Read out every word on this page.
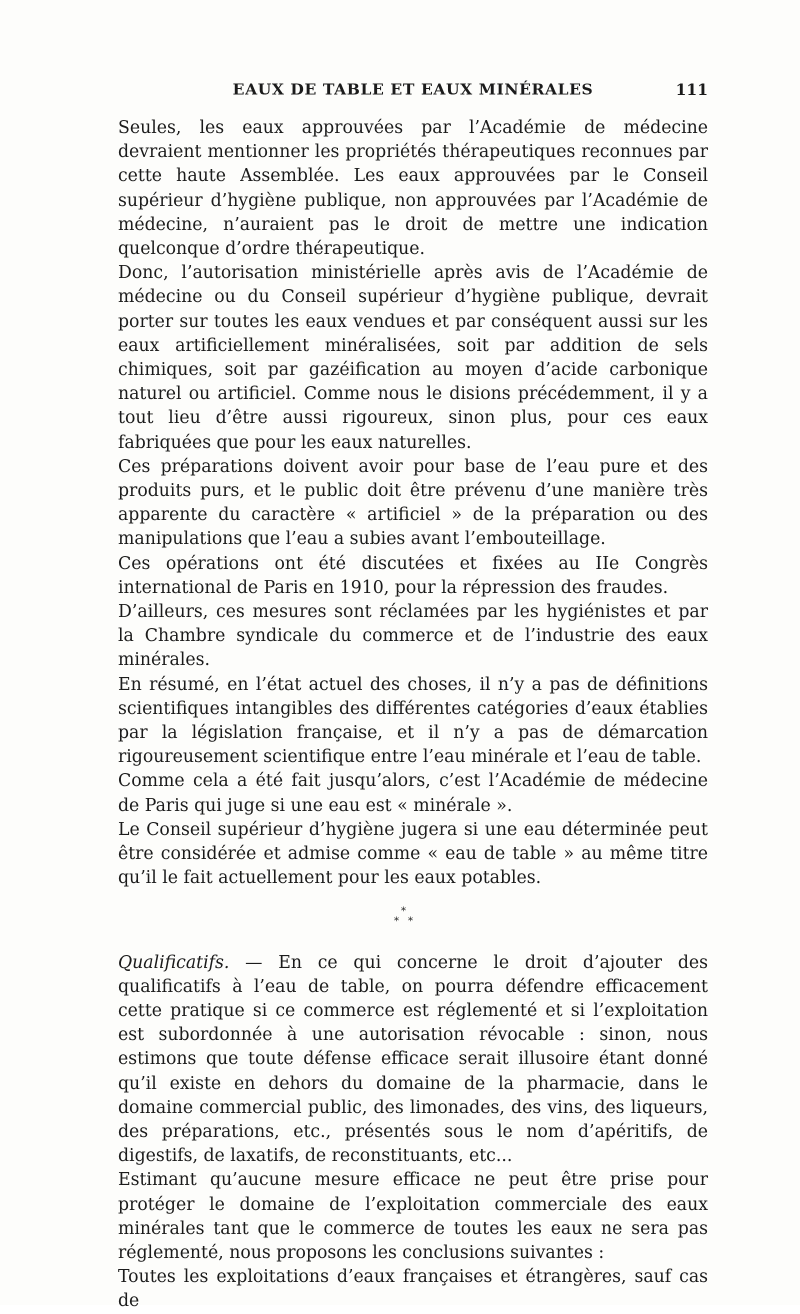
EAUX DE TABLE ET EAUX MINÉRALES	111

Seules, les eaux approuvées par l’Académie de médecine devraient mentionner les propriétés thérapeutiques reconnues par cette haute Assemblée. Les eaux approuvées par le Conseil supérieur d’hygiène publique, non approuvées par l’Académie de médecine, n’auraient pas le droit de mettre une indication quelconque d’ordre thérapeutique.

Donc, l’autorisation ministérielle après avis de l’Académie de médecine ou du Conseil supérieur d’hygiène publique, devrait porter sur toutes les eaux vendues et par conséquent aussi sur les eaux artificiellement minéralisées, soit par addition de sels chimiques, soit par gazéification au moyen d’acide carbonique naturel ou artificiel. Comme nous le disions précédemment, il y a tout lieu d’être aussi rigoureux, sinon plus, pour ces eaux fabriquées que pour les eaux naturelles.

Ces préparations doivent avoir pour base de l’eau pure et des produits purs, et le public doit être prévenu d’une manière très apparente du caractère « artificiel » de la préparation ou des manipulations que l’eau a subies avant l’embouteillage.

Ces opérations ont été discutées et fixées au IIe Congrès international de Paris en 1910, pour la répression des fraudes.

D’ailleurs, ces mesures sont réclamées par les hygiénistes et par la Chambre syndicale du commerce et de l’industrie des eaux minérales.

En résumé, en l’état actuel des choses, il n’y a pas de définitions scientifiques intangibles des différentes catégories d’eaux établies par la législation française, et il n’y a pas de démarcation rigoureusement scientifique entre l’eau minérale et l’eau de table.

Comme cela a été fait jusqu’alors, c’est l’Académie de médecine de Paris qui juge si une eau est « minérale ».

Le Conseil supérieur d’hygiène jugera si une eau déterminée peut être considérée et admise comme « eau de table » au même titre qu’il le fait actuellement pour les eaux potables.

*
* *

Qualificatifs. — En ce qui concerne le droit d’ajouter des qualificatifs à l’eau de table, on pourra défendre efficacement cette pratique si ce commerce est réglementé et si l’exploitation est subordonnée à une autorisation révocable : sinon, nous estimons que toute défense efficace serait illusoire étant donné qu’il existe en dehors du domaine de la pharmacie, dans le domaine commercial public, des limonades, des vins, des liqueurs, des préparations, etc., présentés sous le nom d’apéritifs, de digestifs, de laxatifs, de reconstituants, etc...

Estimant qu’aucune mesure efficace ne peut être prise pour protéger le domaine de l’exploitation commerciale des eaux minérales tant que le commerce de toutes les eaux ne sera pas réglementé, nous proposons les conclusions suivantes :

Toutes les exploitations d’eaux françaises et étrangères, sauf cas de
